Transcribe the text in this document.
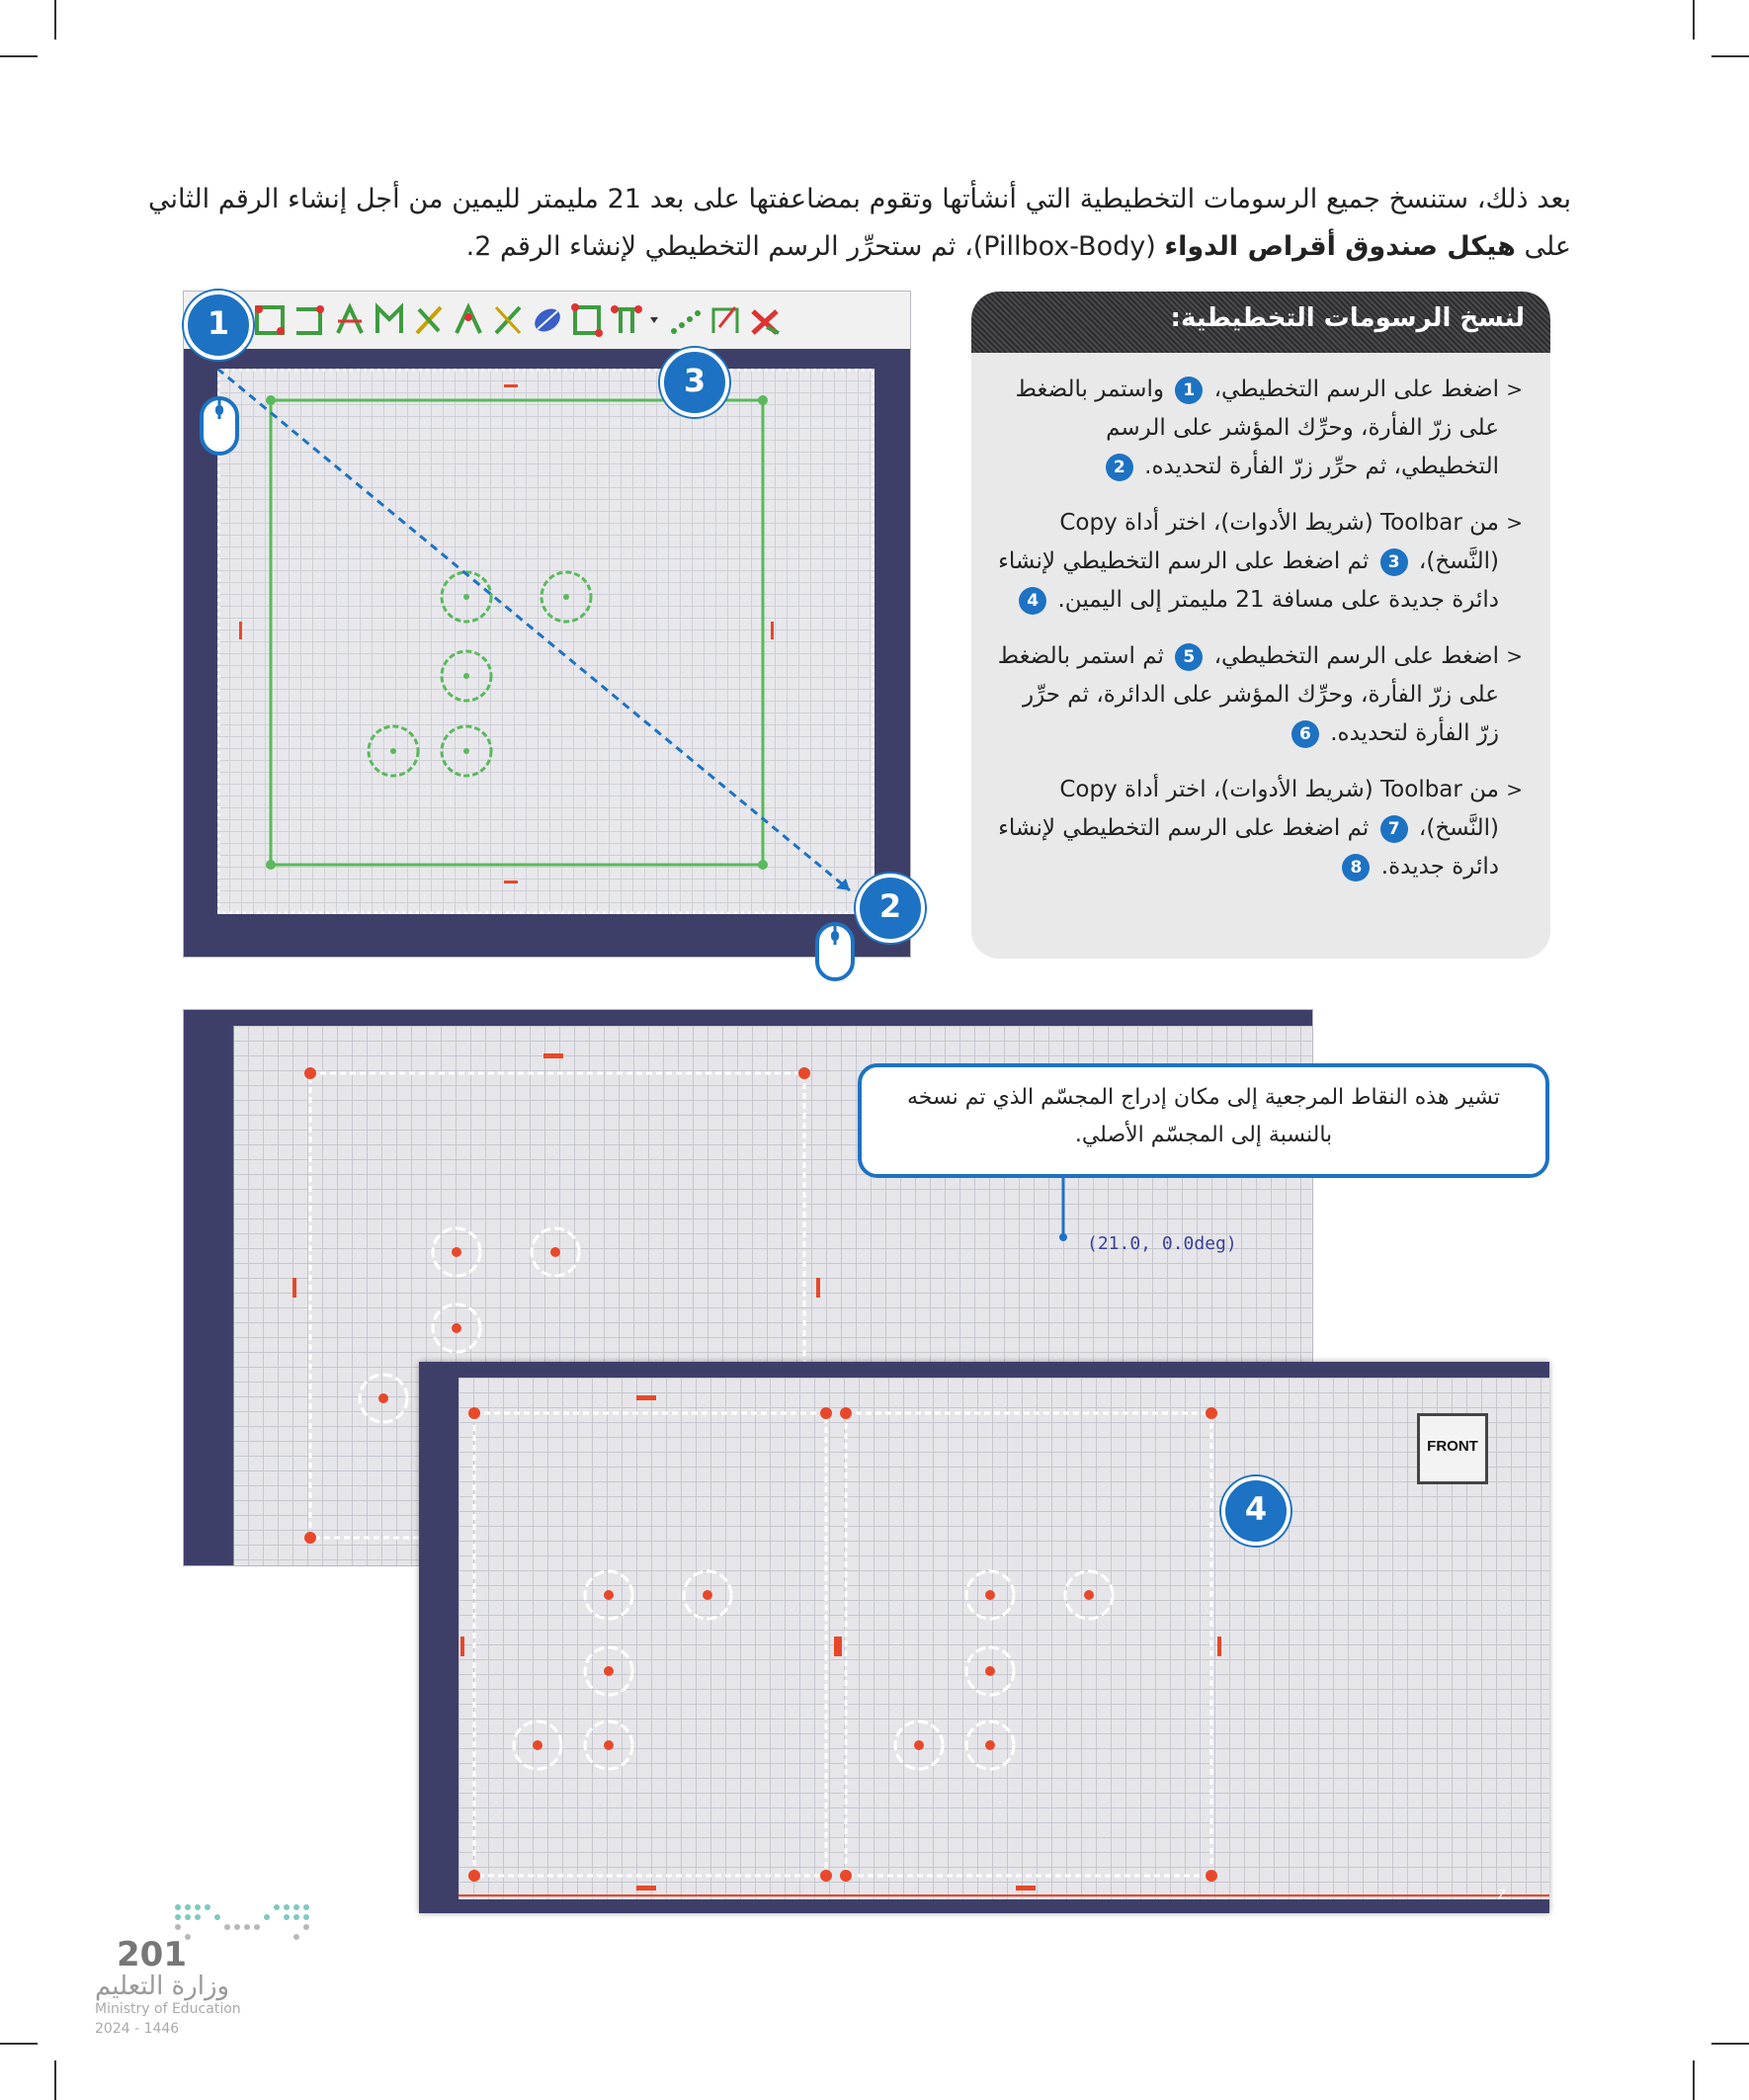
بعد ذلك، ستنسخ جميع الرسومات التخطيطية التي أنشأتها وتقوم بمضاعفتها على بعد 21 مليمتر لليمين من أجل إنشاء الرقم الثاني على هيكل صندوق أقراص الدواء (Pillbox-Body)، ثم ستحرِّر الرسم التخطيطي لإنشاء الرقم 2.
1
3
2
لنسخ الرسومات التخطيطية:
<
اضغط على الرسم التخطيطي، 1 واستمر بالضغط على زرّ الفأرة، وحرِّك المؤشر على الرسم التخطيطي، ثم حرِّر زرّ الفأرة لتحديده. 2
<
من Toolbar (شريط الأدوات)، اختر أداة Copy (النَّسخ)، 3 ثم اضغط على الرسم التخطيطي لإنشاء دائرة جديدة على مسافة 21 مليمتر إلى اليمين. 4
<
اضغط على الرسم التخطيطي، 5 ثم استمر بالضغط على زرّ الفأرة، وحرِّك المؤشر على الدائرة، ثم حرِّر زرّ الفأرة لتحديده. 6
<
من Toolbar (شريط الأدوات)، اختر أداة Copy (النَّسخ)، 7 ثم اضغط على الرسم التخطيطي لإنشاء دائرة جديدة. 8
تشير هذه النقاط المرجعية إلى مكان إدراج المجسّم الذي تم نسخه بالنسبة إلى المجسّم الأصلي.
(21.0, 0.0deg)
FRONT
Z
4
201
وزارة التعليم
Ministry of Education
2024 - 1446
